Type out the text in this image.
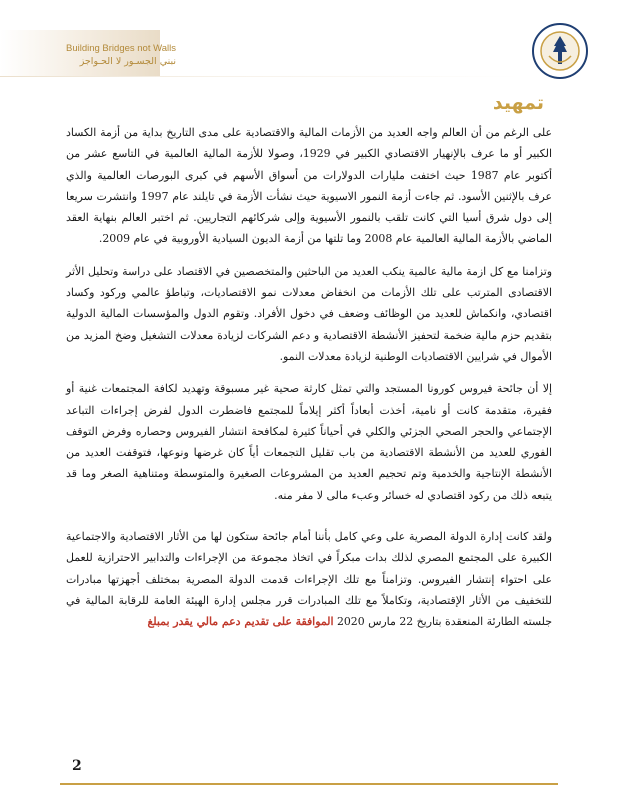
Building Bridges not Walls
نبني الجسـور لا الحـواجز
تمهيد

على الرغم من أن العالم واجه العديد من الأزمات المالية والاقتصادية على مدى التاريخ بداية من أزمة الكساد الكبير أو ما عرف بالإنهيار الاقتصادي الكبير في 1929، وصولا للأزمة المالية العالمية في التاسع عشر من أكتوبر عام 1987 حيث اختفت مليارات الدولارات من أسواق الأسهم في كبرى البورصات العالمية والذي عرف بالإثنين الأسود. ثم جاءت أزمة النمور الاسيوية حيث نشأت الأزمة في تايلند عام 1997 وانتشرت سريعا إلى دول شرق أسيا التي كانت تلقب بالنمور الأسيوية وإلى شركائهم التجاريين. ثم اختبر العالم بنهاية العقد الماضي بالأزمة المالية العالمية عام 2008 وما تلتها من أزمة الديون السيادية الأوروبية في عام 2009.

وتزامنا مع كل ازمة مالية عالمية ينكب العديد من الباحثين والمتخصصين في الاقتصاد على دراسة وتحليل الأثر الاقتصادى المترتب على تلك الأزمات من انخفاض معدلات نمو الاقتصاديات، وتباطؤ عالمي وركود وكساد اقتصادي، وانكماش للعديد من الوظائف وضعف في دخول الأفراد. وتقوم الدول والمؤسسات المالية الدولية بتقديم حزم مالية ضخمة لتحفيز الأنشطة الاقتصادية و دعم الشركات لزيادة معدلات التشغيل وضخ المزيد من الأموال في شرايين الاقتصاديات الوطنية لزيادة معدلات النمو.

إلا أن جائحة فيروس كورونا المستجد والتي تمثل كارثة صحية غير مسبوقة وتهديد لكافة المجتمعات غنية أو فقيرة، متقدمة كانت أو نامية، أخذت أبعاداً أكثر إيلاماً للمجتمع فاضطرت الدول لفرض إجراءات التباعد الإجتماعي والحجر الصحي الجزئي والكلي في أحياناً كثيرة لمكافحة انتشار الفيروس وحصاره وفرض التوقف الفوري للعديد من الأنشطة الاقتصادية من باب تقليل التجمعات أياً كان غرضها ونوعها، فتوقفت العديد من الأنشطة الإنتاجية والخدمية وتم تحجيم العديد من المشروعات الصغيرة والمتوسطة ومتناهية الصغر وما قد يتبعه ذلك من ركود اقتصادي له خسائر وعبء مالى لا مفر منه.

ولقد كانت إدارة الدولة المصرية على وعي كامل بأننا أمام جائحة ستكون لها من الأثار الاقتصادية والاجتماعية الكبيرة على المجتمع المصري لذلك بدات مبكراً في اتخاذ مجموعة من الإجراءات والتدابير الاحترازية للعمل على احتواء إنتشار الفيروس. وتزامناً مع تلك الإجراءات قدمت الدولة المصرية بمختلف أجهزتها مبادرات للتخفيف من الأثار الإقتصادية، وتكاملاً مع تلك المبادرات قرر مجلس إدارة الهيئة العامة للرقابة المالية في جلسته الطارئة المنعقدة بتاريخ 22 مارس 2020 الموافقة على تقديم دعم مالي يقدر بمبلغ

2
